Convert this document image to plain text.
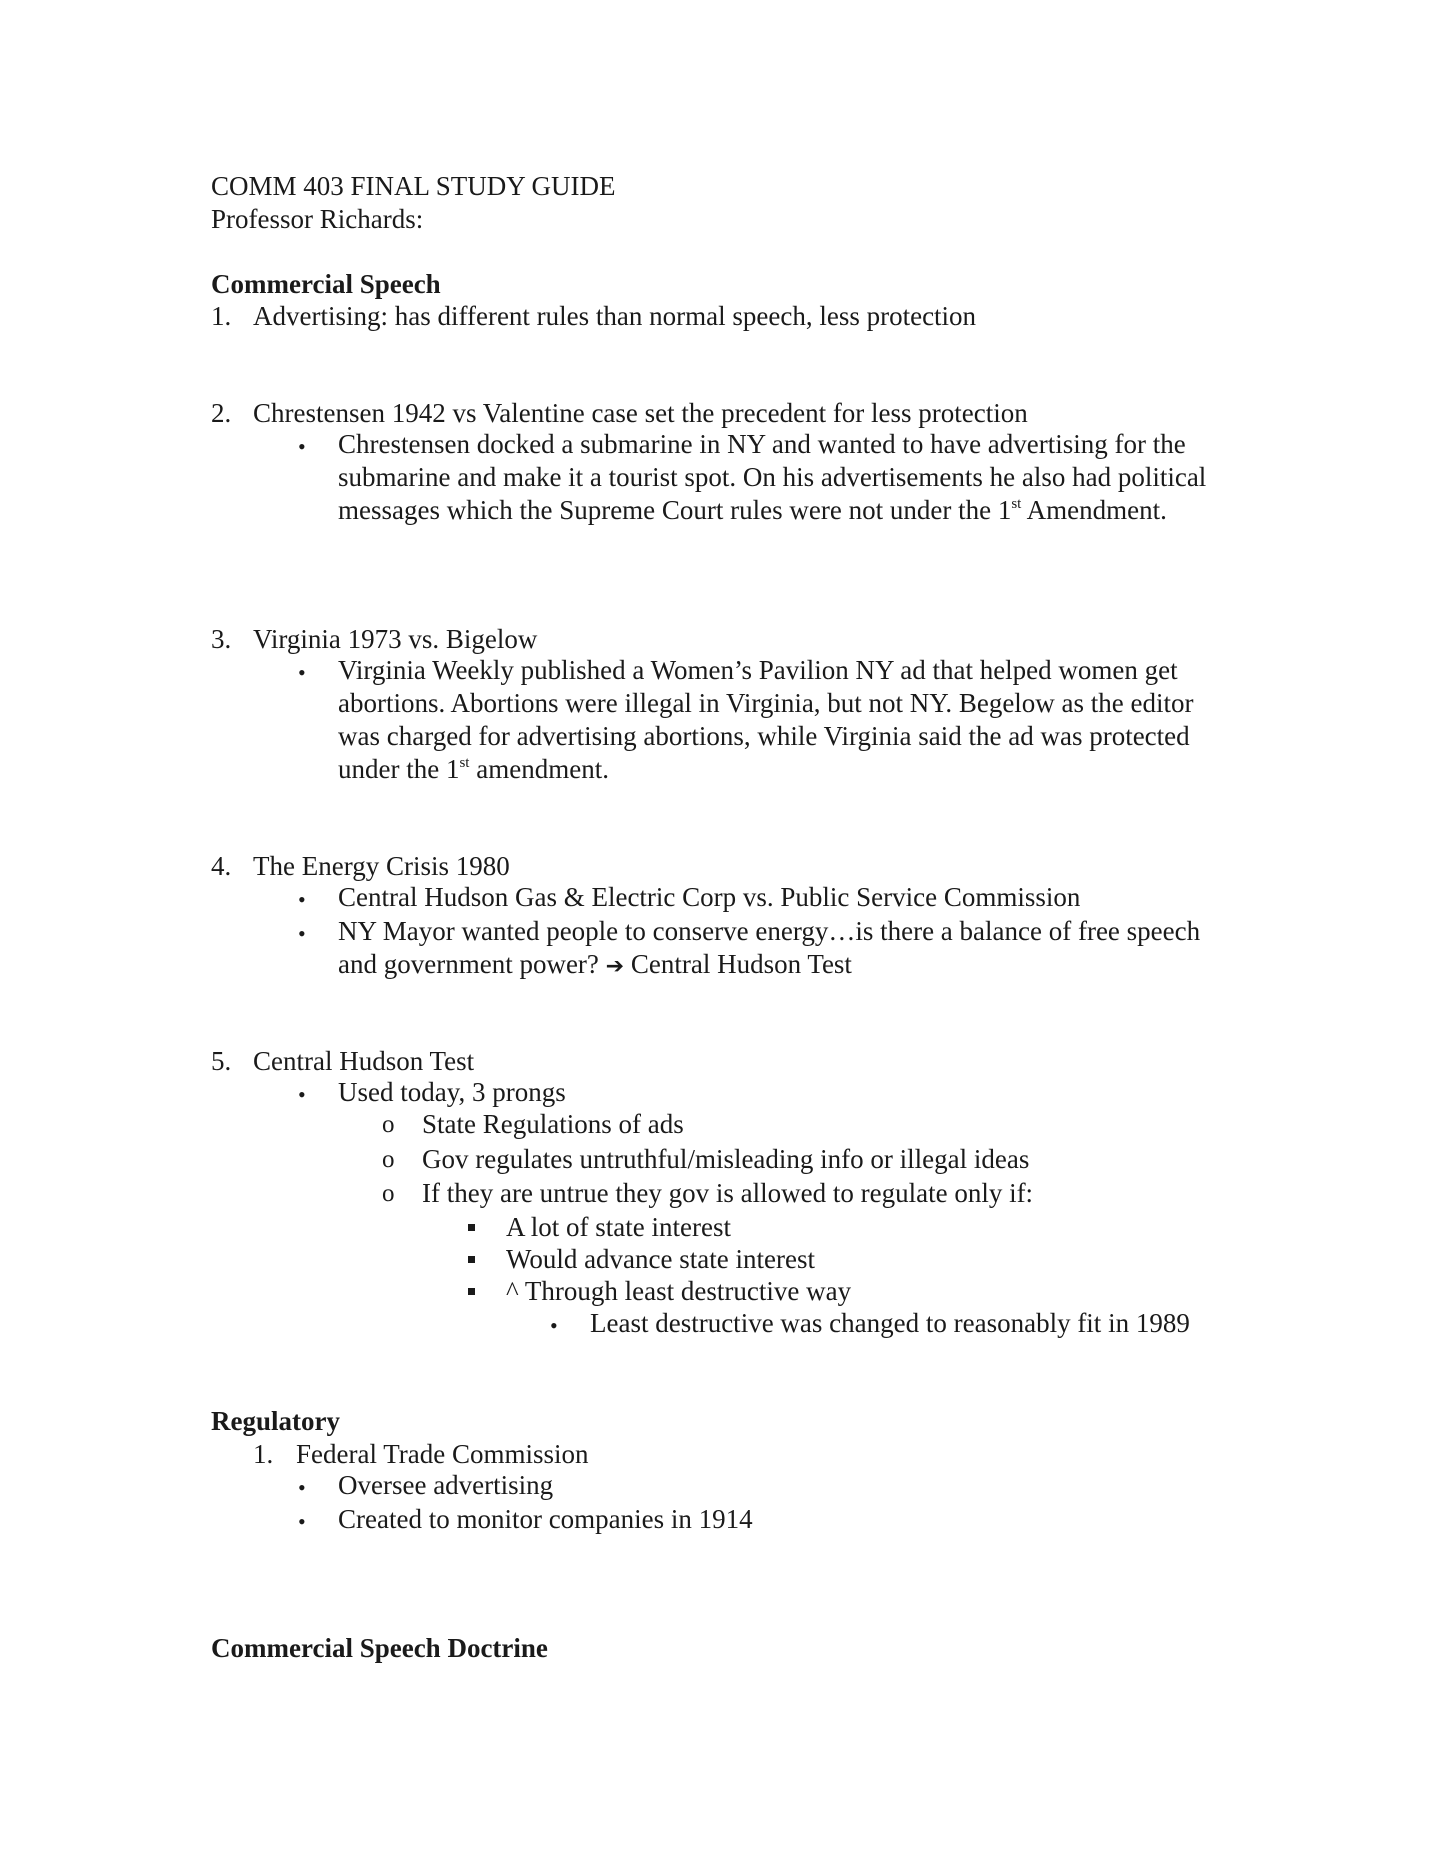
COMM 403 FINAL STUDY GUIDE
Professor Richards:
Commercial Speech
1. Advertising: has different rules than normal speech, less protection
2. Chrestensen 1942 vs Valentine case set the precedent for less protection
• Chrestensen docked a submarine in NY and wanted to have advertising for the submarine and make it a tourist spot. On his advertisements he also had political messages which the Supreme Court rules were not under the 1st Amendment.
3. Virginia 1973 vs. Bigelow
• Virginia Weekly published a Women’s Pavilion NY ad that helped women get abortions. Abortions were illegal in Virginia, but not NY. Begelow as the editor was charged for advertising abortions, while Virginia said the ad was protected under the 1st amendment.
4. The Energy Crisis 1980
• Central Hudson Gas & Electric Corp vs. Public Service Commission
• NY Mayor wanted people to conserve energy…is there a balance of free speech and government power? ➔ Central Hudson Test
5. Central Hudson Test
• Used today, 3 prongs
o State Regulations of ads
o Gov regulates untruthful/misleading info or illegal ideas
o If they are untrue they gov is allowed to regulate only if:
A lot of state interest
Would advance state interest
^ Through least destructive way
• Least destructive was changed to reasonably fit in 1989
Regulatory
1. Federal Trade Commission
• Oversee advertising
• Created to monitor companies in 1914
Commercial Speech Doctrine
